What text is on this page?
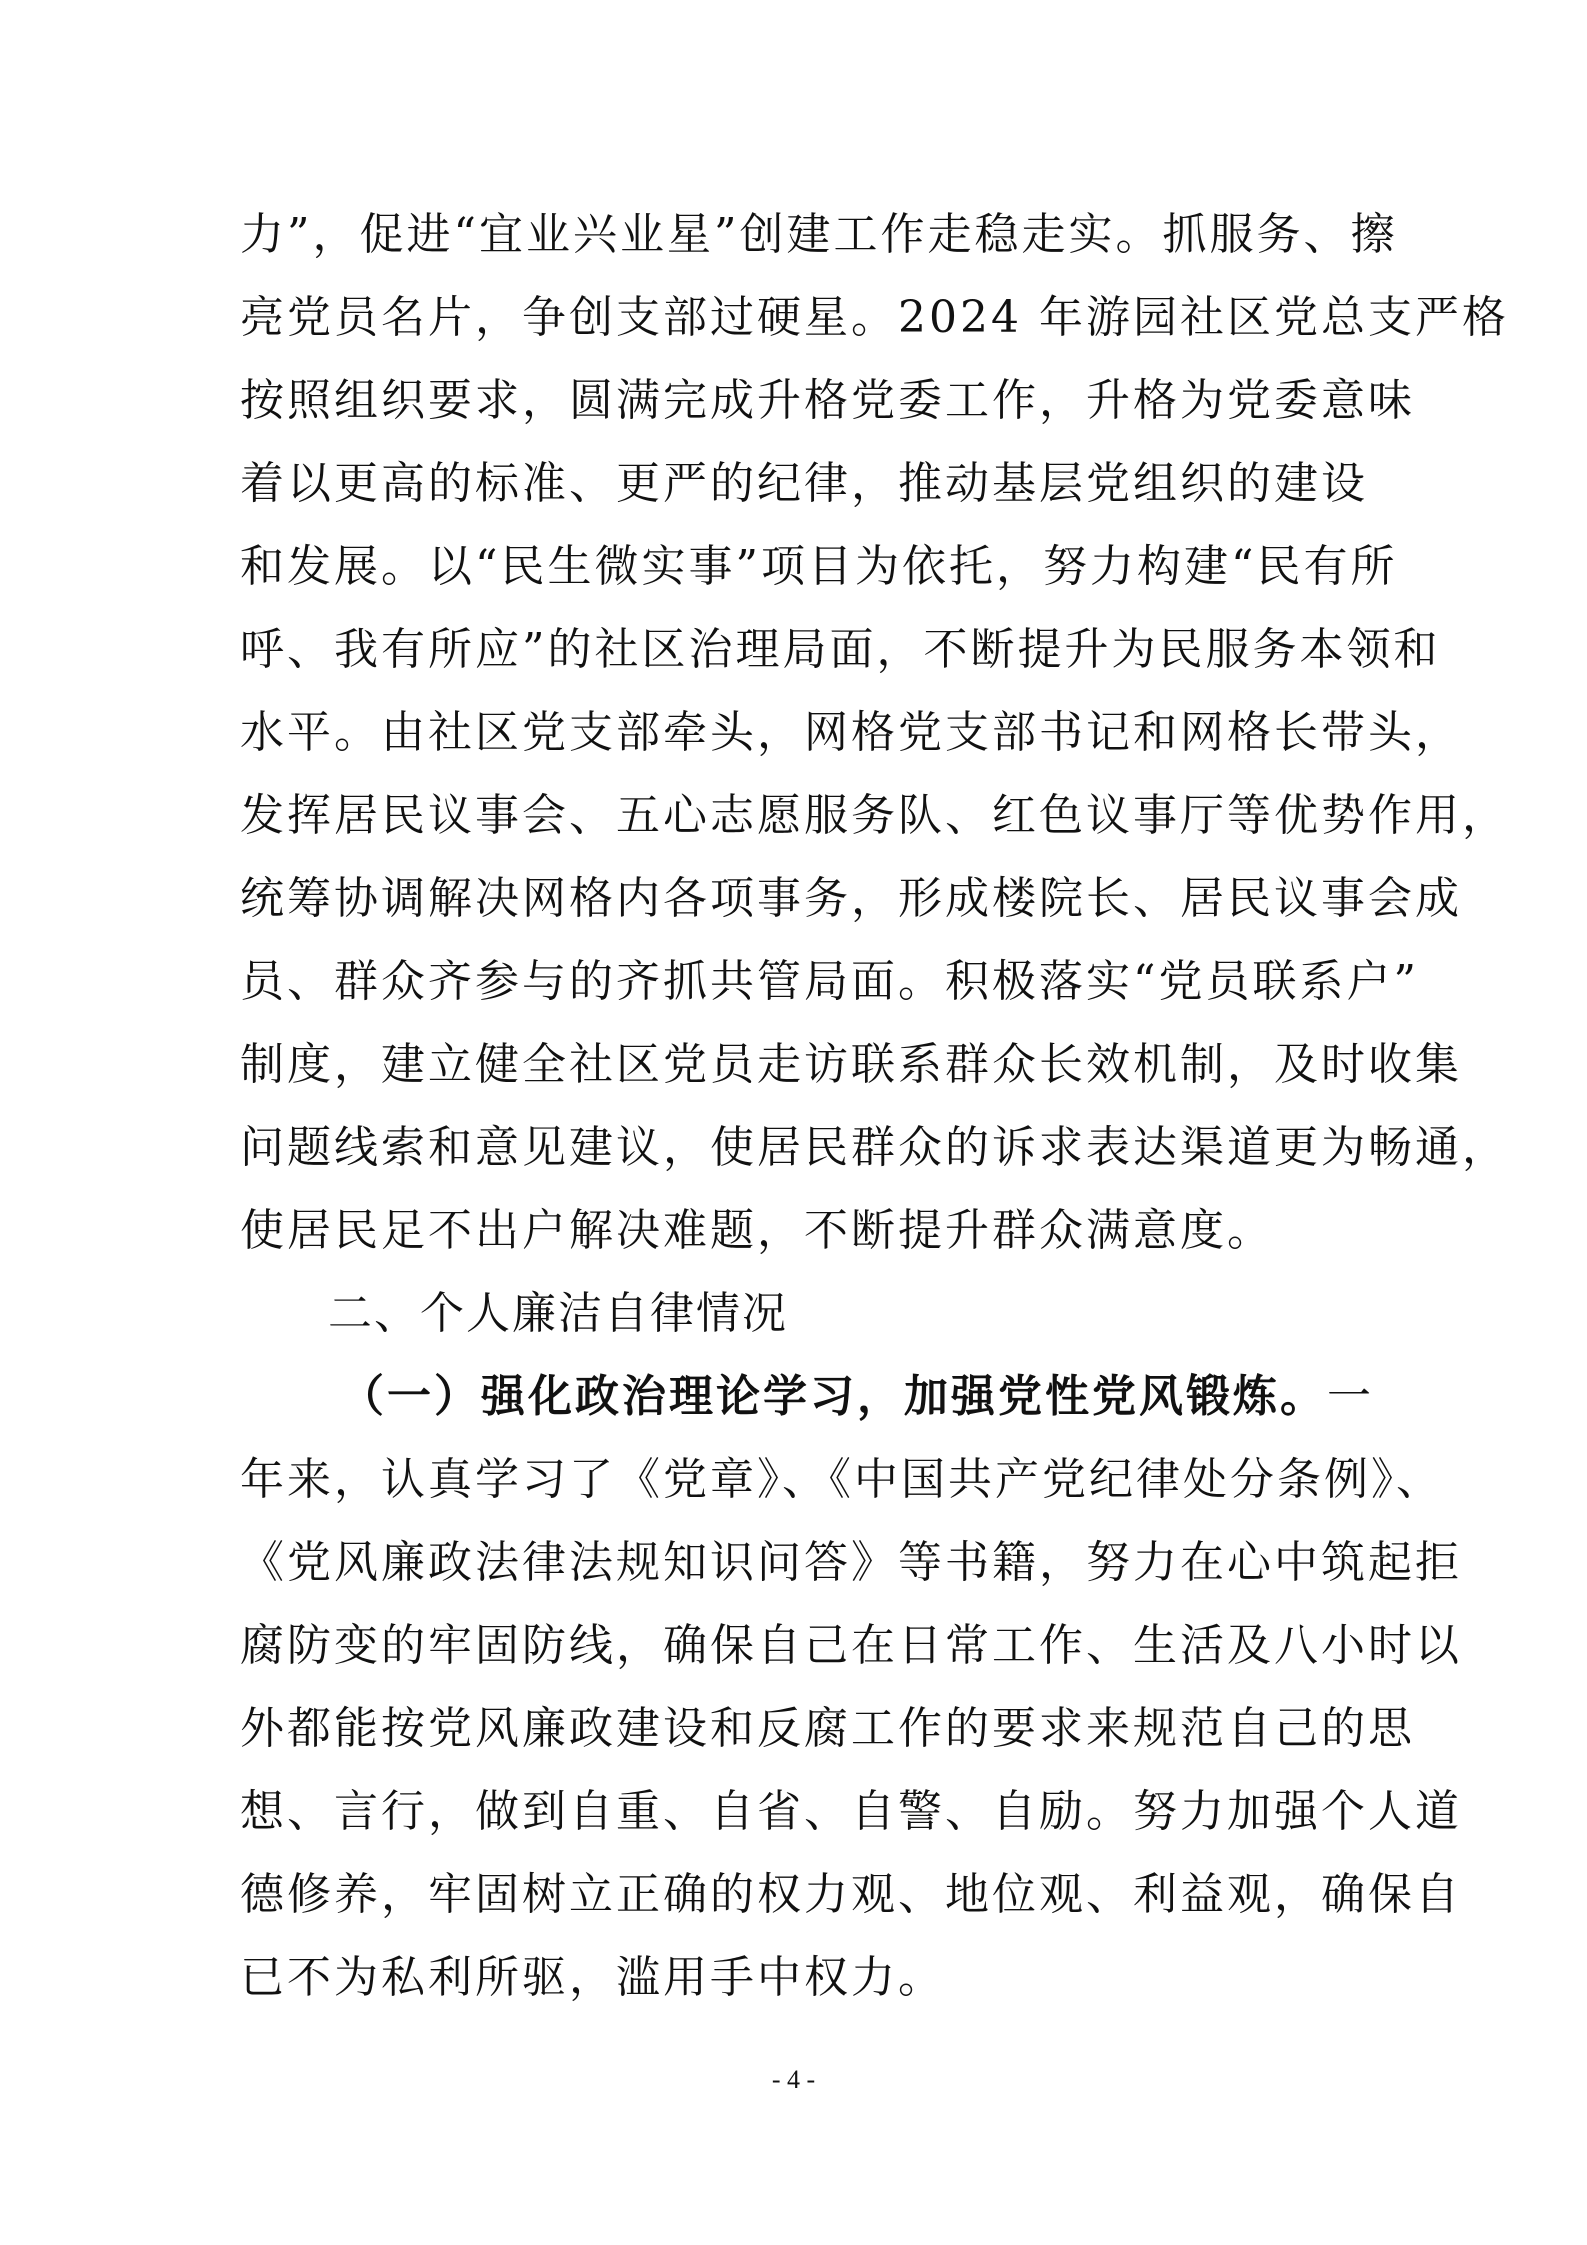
力”，促进“宜业兴业星”创建工作走稳走实。抓服务、擦
亮党员名片，争创支部过硬星。2024 年游园社区党总支严格
按照组织要求，圆满完成升格党委工作，升格为党委意味
着以更高的标准、更严的纪律，推动基层党组织的建设
和发展。以“民生微实事”项目为依托，努力构建“民有所
呼、我有所应”的社区治理局面，不断提升为民服务本领和
水平。由社区党支部牵头，网格党支部书记和网格长带头，
发挥居民议事会、五心志愿服务队、红色议事厅等优势作用，
统筹协调解决网格内各项事务，形成楼院长、居民议事会成
员、群众齐参与的齐抓共管局面。积极落实“党员联系户”
制度，建立健全社区党员走访联系群众长效机制，及时收集
问题线索和意见建议，使居民群众的诉求表达渠道更为畅通，
使居民足不出户解决难题，不断提升群众满意度。
二、个人廉洁自律情况
（一）强化政治理论学习，加强党性党风锻炼。一
年来，认真学习了《党章》、《中国共产党纪律处分条例》、
《党风廉政法律法规知识问答》等书籍，努力在心中筑起拒
腐防变的牢固防线，确保自己在日常工作、生活及八小时以
外都能按党风廉政建设和反腐工作的要求来规范自己的思
想、言行，做到自重、自省、自警、自励。努力加强个人道
德修养，牢固树立正确的权力观、地位观、利益观，确保自
已不为私利所驱，滥用手中权力。
- 4 -
